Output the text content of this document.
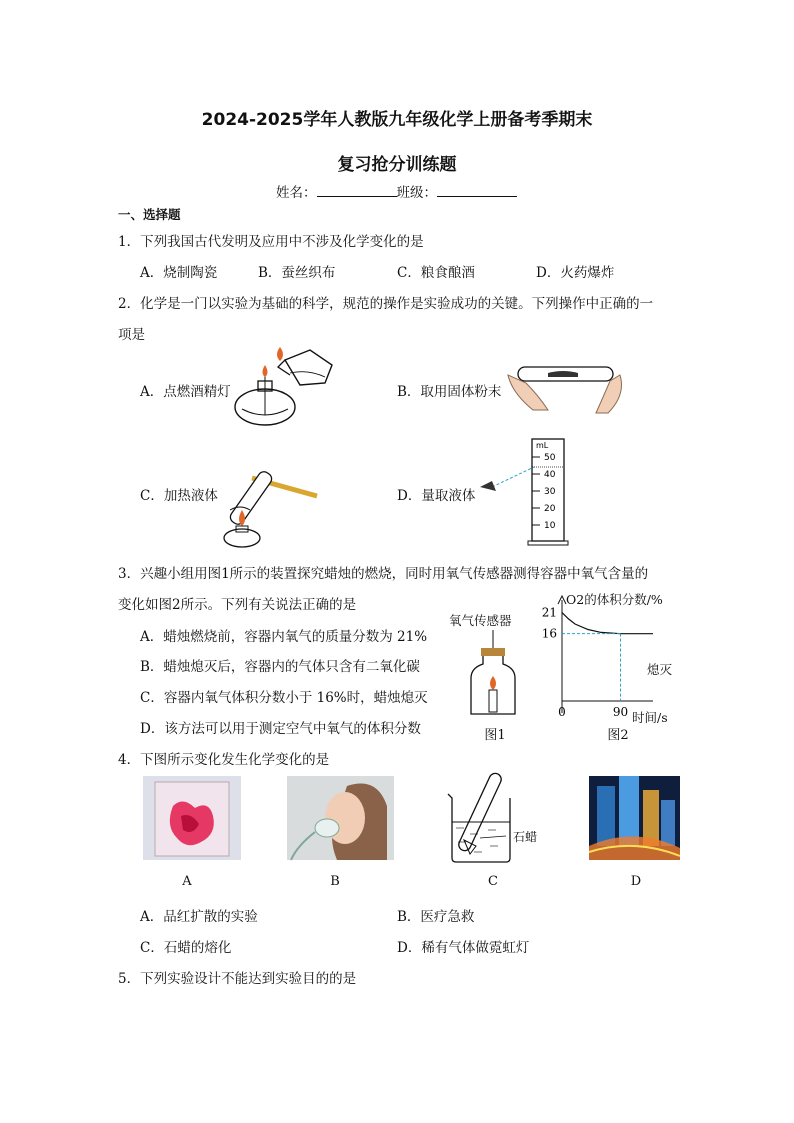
2024-2025学年人教版九年级化学上册备考季期末
复习抢分训练题
姓名：	班级：
一、选择题
1．下列我国古代发明及应用中不涉及化学变化的是
A．烧制陶瓷	B．蚕丝织布	C．粮食酿酒	D．火药爆炸
2．化学是一门以实验为基础的科学，规范的操作是实验成功的关键。下列操作中正确的一
项是
A．点燃酒精灯	B．取用固体粉末
C．加热液体	D．量取液体
mL
50
40
30
20
10
3．兴趣小组用图1所示的装置探究蜡烛的燃烧，同时用氧气传感器测得容器中氧气含量的
变化如图2所示。下列有关说法正确的是
A．蜡烛燃烧前，容器内氧气的质量分数为 21%
B．蜡烛熄灭后，容器内的气体只含有二氧化碳
C．容器内氧气体积分数小于 16%时，蜡烛熄灭
D．该方法可以用于测定空气中氧气的体积分数
氧气传感器
图1
21
16
0	90
O2的体积分数/%
时间/s
熄灭
图2
4．下图所示变化发生化学变化的是
石蜡
A	B	C	D
A．品红扩散的实验	B．医疗急救
C．石蜡的熔化	D．稀有气体做霓虹灯
5．下列实验设计不能达到实验目的的是
